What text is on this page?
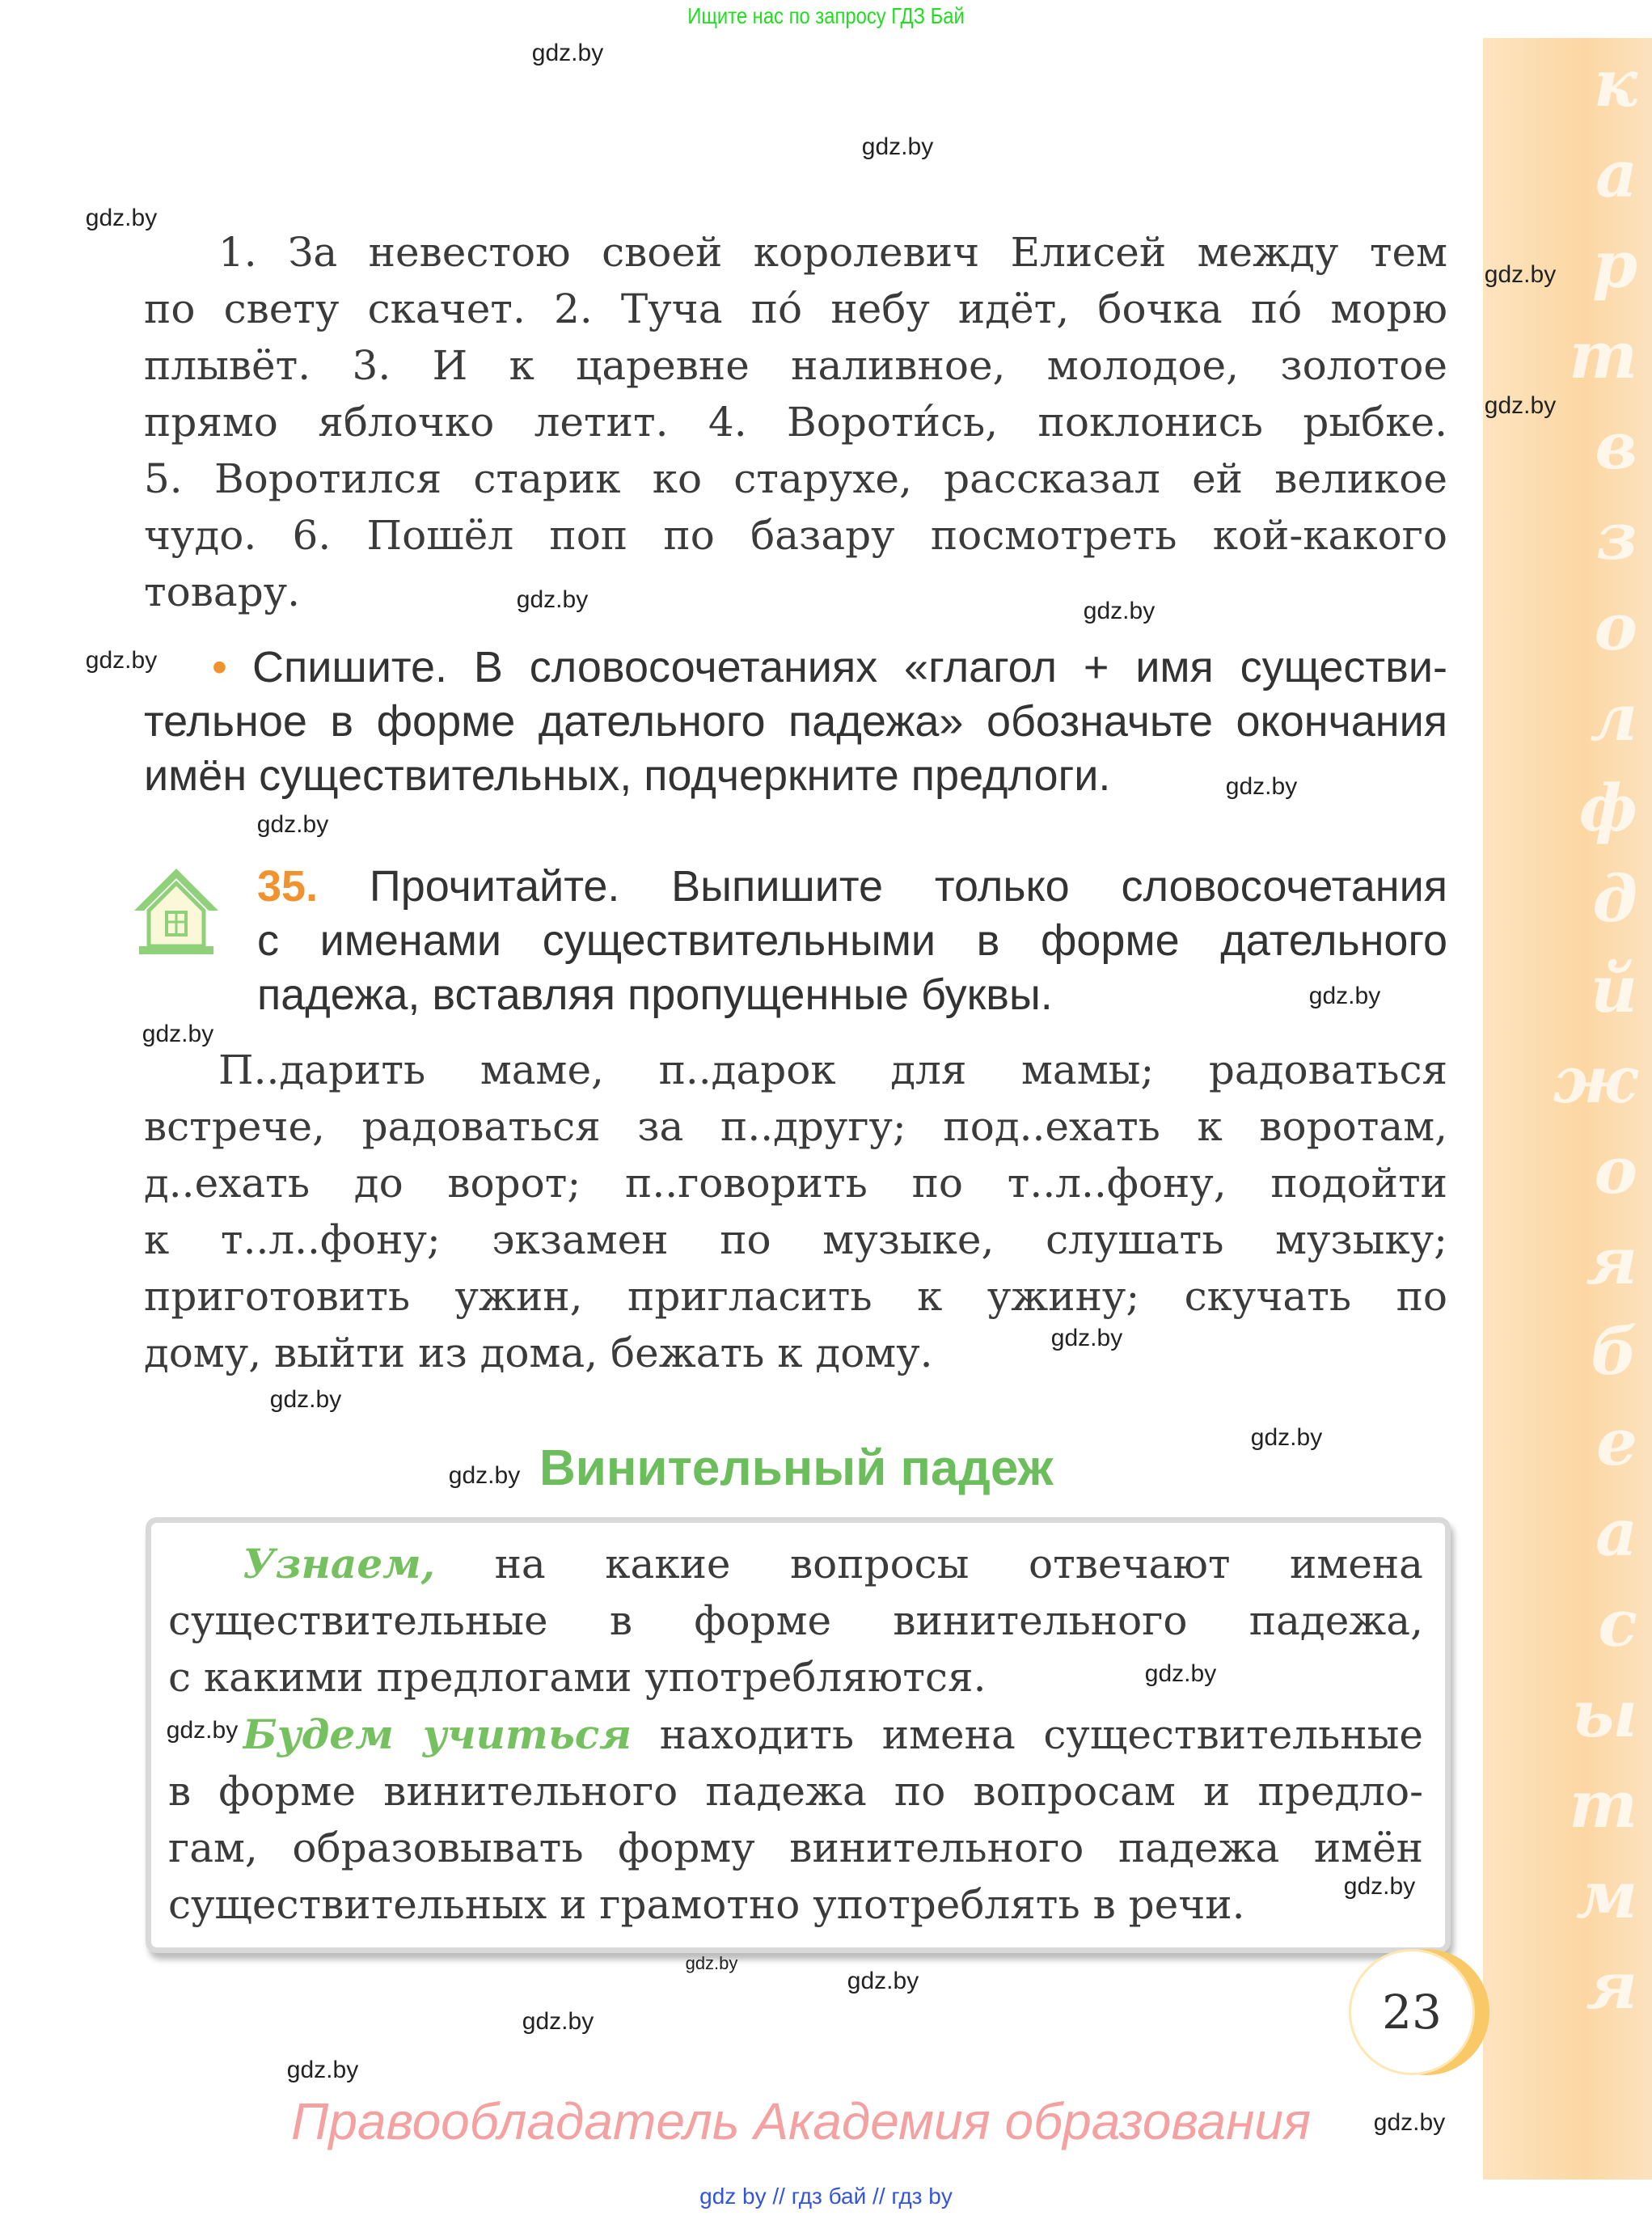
Ищите нас по запросу ГДЗ Бай
к
а
р
т
в
з
о
л
ф
д
й
ж
о
я
б
е
а
с
ы
т
м
я
1. За невестою своей королевич Елисей между тем
по свету скачет. 2. Туча по́ небу идёт, бочка по́ морю
плывёт. 3. И к царевне наливное, молодое, золотое
прямо яблочко летит. 4. Вороти́сь, поклонись рыбке.
5. Воротился старик ко старухе, рассказал ей великое
чудо. 6. Пошёл поп по базару посмотреть кой-какого
товару.
• Спишите. В словосочетаниях «глагол + имя существи-
тельное в форме дательного падежа» обозначьте окончания
имён существительных, подчеркните предлоги.
35. Прочитайте. Выпишите только словосочетания
с именами существительными в форме дательного
падежа, вставляя пропущенные буквы.
П..дарить маме, п..дарок для мамы; радоваться
встрече, радоваться за п..другу; под..ехать к воротам,
д..ехать до ворот; п..говорить по т..л..фону, подойти
к т..л..фону; экзамен по музыке, слушать музыку;
приготовить ужин, пригласить к ужину; скучать по
дому, выйти из дома, бежать к дому.
Винительный падеж
Узнаем, на какие вопросы отвечают имена
существительные в форме винительного падежа,
с какими предлогами употребляются.
Будем учиться находить имена существительные
в форме винительного падежа по вопросам и предло-
гам, образовывать форму винительного падежа имён
существительных и грамотно употреблять в речи.
23
Правообладатель Академия образования
gdz by // гдз бай // гдз by
gdz.by
gdz.by
gdz.by
gdz.by
gdz.by
gdz.by	gdz.by
gdz.by
gdz.by
gdz.by
gdz.by
gdz.by
gdz.by
gdz.by
gdz.by
gdz.by
gdz.by
gdz.by
gdz.by
gdz.by
gdz.by
gdz.by
gdz.by
gdz.by
